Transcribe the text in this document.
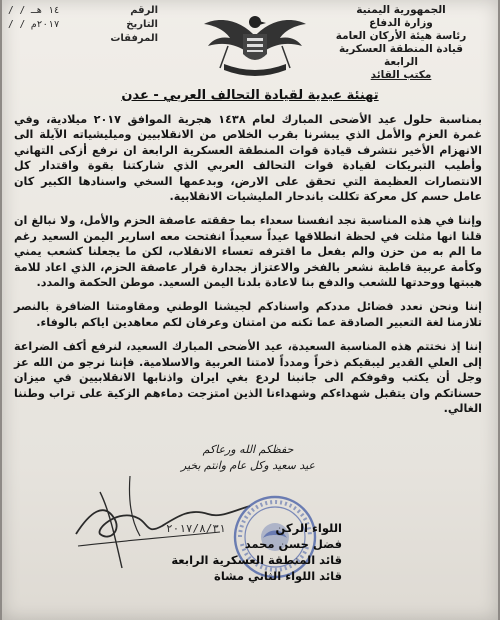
الجمهورية اليمنية
وزارة الدفاع
رئاسة هيئة الأركان العامة
قيادة المنطقة العسكرية الرابعة
مكتب القائد
الرقم
/ / ١٤ هـ
التاريخ
/ / ٢٠١٧م
المرفقات
تهنئة عيدية لقيادة التحالف العربي - عدن

بمناسبة حلول عيد الأضحى المبارك لعام ١٤٣٨ هجرية الموافق ٢٠١٧ ميلادية، وفي غمرة العزم والأمل الذي يبشرنا بقرب الخلاص من الانقلابيين وميليشياته الآيلة الى الانهزام الأخير نتشرف قيادة قوات المنطقة العسكرية الرابعة ان نرفع أزكى التهاني وأطيب التبريكات لقيادة قوات التحالف العربي الذي شاركتنا بقوة واقتدار كل الانتصارات العظيمة التي تحقق على الارض، وبدعمها السخي واسنادها الكبير كان عامل حسم كل معركة تكللت باندحار المليشيات الانقلابية.

وإننا في هذه المناسبة نجد انفسنا سعداء بما حققته عاصفة الحزم والأمل، ولا نبالغ ان قلنا انها مثلت في لحظة انطلاقها عيداً سعيداً انفتحت معه اسارير اليمن السعيد رغم ما الم به من حزن والم بفعل ما اقترفه تعساء الانقلاب، لكن ما يجعلنا كشعب يمني وكأمة عربية قاطبة نشعر بالفخر والاعتزاز بجدارة قرار عاصفة الحزم، الذي اعاد للامة هيبتها ووحدتها للشعب والدفع بنا لاعادة بلدنا اليمن السعيد. موطن الحكمة والمدد.

إننا ونحن نعدد فضائل مددكم واسنادكم لجيشنا الوطني ومقاومتنا الضافرة بالنصر تلازمنا لغة التعبير الصادقة عما تكنه من امتنان وعرفان لكم معاهدين اياكم بالوفاء.

إننا إذ نختتم هذه المناسبة السعيدة، عيد الأضحى المبارك السعيد، لنرفع أكف الضراعة إلى العلي القدير ليبقيكم ذخراً ومدداً لامتنا العربية والاسلامية. فإننا نرجو من الله عز وجل أن يكتب وقوفكم الى جانبنا لردع بغي ايران واذنابها الانقلابيين في ميزان حسناتكم وان يتقبل شهداءكم وشهداءنا الذين امتزجت دماءهم الزكية على تراب وطننا الغالي.

حفظكم الله ورعاكم
عيد سعيد وكل عام وانتم بخير
٢٠١٧/٨/٣١	اللواء الركن
فضل حسن محمد
قائد المنطقة العسكرية الرابعة
قائد اللواء الثاني مشاة
